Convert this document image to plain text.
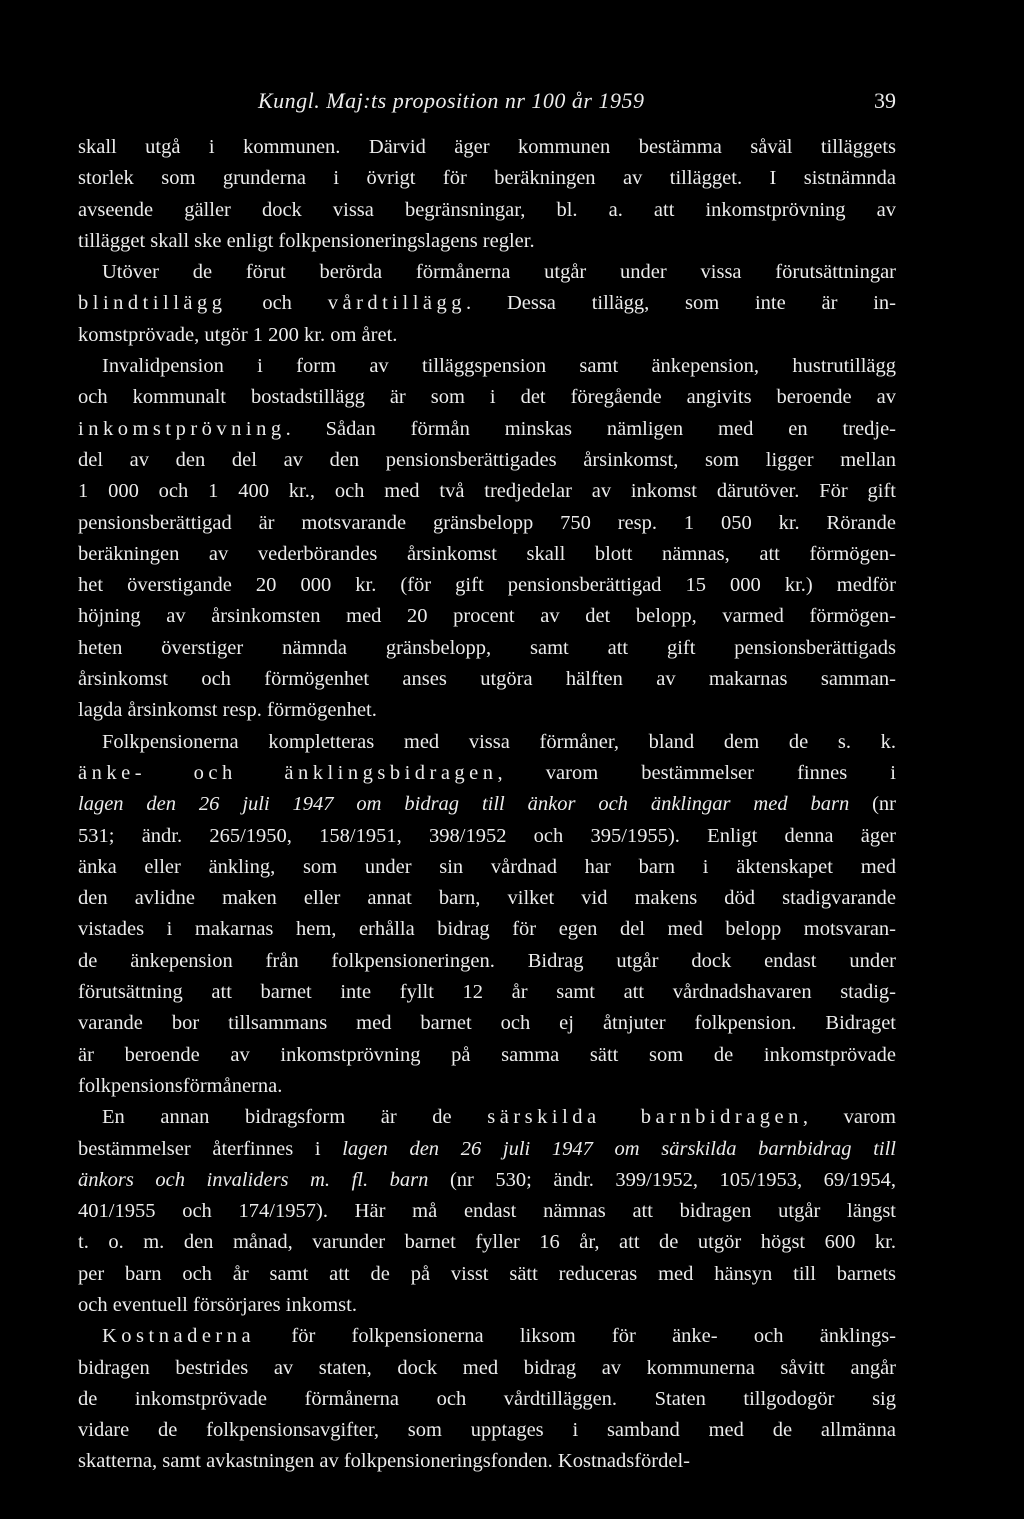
Kungl. Maj:ts proposition nr 100 år 1959	39
skall utgå i kommunen. Därvid äger kommunen bestämma såväl tilläggets
storlek som grunderna i övrigt för beräkningen av tillägget. I sistnämnda
avseende gäller dock vissa begränsningar, bl. a. att inkomstprövning av
tillägget skall ske enligt folkpensioneringslagens regler.
Utöver de förut berörda förmånerna utgår under vissa förutsättningar
blindtillägg och vårdtillägg. Dessa tillägg, som inte är in-
komstprövade, utgör 1 200 kr. om året.
Invalidpension i form av tilläggspension samt änkepension, hustrutillägg
och kommunalt bostadstillägg är som i det föregående angivits beroende av
inkomstprövning. Sådan förmån minskas nämligen med en tredje-
del av den del av den pensionsberättigades årsinkomst, som ligger mellan
1 000 och 1 400 kr., och med två tredjedelar av inkomst därutöver. För gift
pensionsberättigad är motsvarande gränsbelopp 750 resp. 1 050 kr. Rörande
beräkningen av vederbörandes årsinkomst skall blott nämnas, att förmögen-
het överstigande 20 000 kr. (för gift pensionsberättigad 15 000 kr.) medför
höjning av årsinkomsten med 20 procent av det belopp, varmed förmögen-
heten överstiger nämnda gränsbelopp, samt att gift pensionsberättigads
årsinkomst och förmögenhet anses utgöra hälften av makarnas samman-
lagda årsinkomst resp. förmögenhet.
Folkpensionerna kompletteras med vissa förmåner, bland dem de s. k.
änke- och änklingsbidragen, varom bestämmelser finnes i
lagen den 26 juli 1947 om bidrag till änkor och änklingar med barn (nr
531; ändr. 265/1950, 158/1951, 398/1952 och 395/1955). Enligt denna äger
änka eller änkling, som under sin vårdnad har barn i äktenskapet med
den avlidne maken eller annat barn, vilket vid makens död stadigvarande
vistades i makarnas hem, erhålla bidrag för egen del med belopp motsvaran-
de änkepension från folkpensioneringen. Bidrag utgår dock endast under
förutsättning att barnet inte fyllt 12 år samt att vårdnadshavaren stadig-
varande bor tillsammans med barnet och ej åtnjuter folkpension. Bidraget
är beroende av inkomstprövning på samma sätt som de inkomstprövade
folkpensionsförmånerna.
En annan bidragsform är de särskilda barnbidragen, varom
bestämmelser återfinnes i lagen den 26 juli 1947 om särskilda barnbidrag till
änkors och invaliders m. fl. barn (nr 530; ändr. 399/1952, 105/1953, 69/1954,
401/1955 och 174/1957). Här må endast nämnas att bidragen utgår längst
t. o. m. den månad, varunder barnet fyller 16 år, att de utgör högst 600 kr.
per barn och år samt att de på visst sätt reduceras med hänsyn till barnets
och eventuell försörjares inkomst.
Kostnaderna för folkpensionerna liksom för änke- och änklings-
bidragen bestrides av staten, dock med bidrag av kommunerna såvitt angår
de inkomstprövade förmånerna och vårdtilläggen. Staten tillgodogör sig
vidare de folkpensionsavgifter, som upptages i samband med de allmänna
skatterna, samt avkastningen av folkpensioneringsfonden. Kostnadsfördel-
